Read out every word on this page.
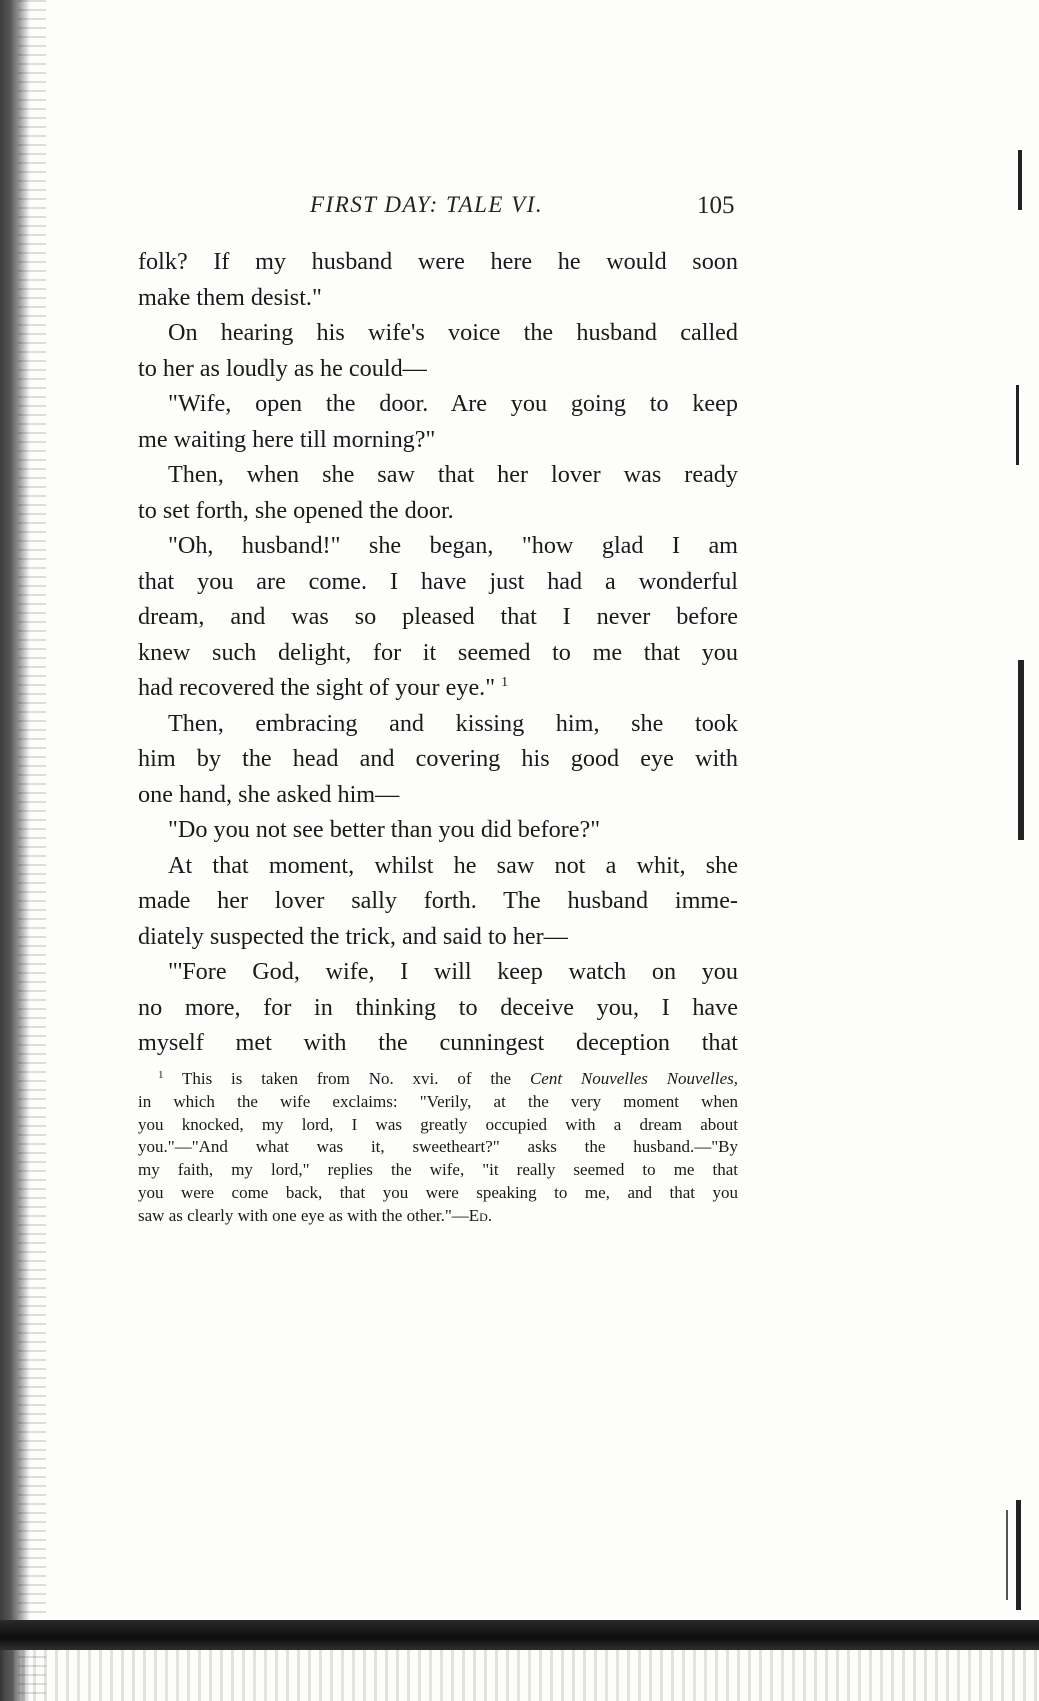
FIRST DAY: TALE VI.	105
folk? If my husband were here he would soon
make them desist."
On hearing his wife's voice the husband called
to her as loudly as he could—
"Wife, open the door. Are you going to keep
me waiting here till morning?"
Then, when she saw that her lover was ready
to set forth, she opened the door.
"Oh, husband!" she began, "how glad I am
that you are come. I have just had a wonderful
dream, and was so pleased that I never before
knew such delight, for it seemed to me that you
had recovered the sight of your eye." $^1$
Then, embracing and kissing him, she took
him by the head and covering his good eye with
one hand, she asked him—
"Do you not see better than you did before?"
At that moment, whilst he saw not a whit, she
made her lover sally forth. The husband imme-
diately suspected the trick, and said to her—
"'Fore God, wife, I will keep watch on you
no more, for in thinking to deceive you, I have
myself met with the cunningest deception that
$^1$ This is taken from No. xvi. of the Cent Nouvelles Nouvelles,
in which the wife exclaims: "Verily, at the very moment when
you knocked, my lord, I was greatly occupied with a dream about
you."—"And what was it, sweetheart?" asks the husband.—"By
my faith, my lord," replies the wife, "it really seemed to me that
you were come back, that you were speaking to me, and that you
saw as clearly with one eye as with the other."—Ed.
